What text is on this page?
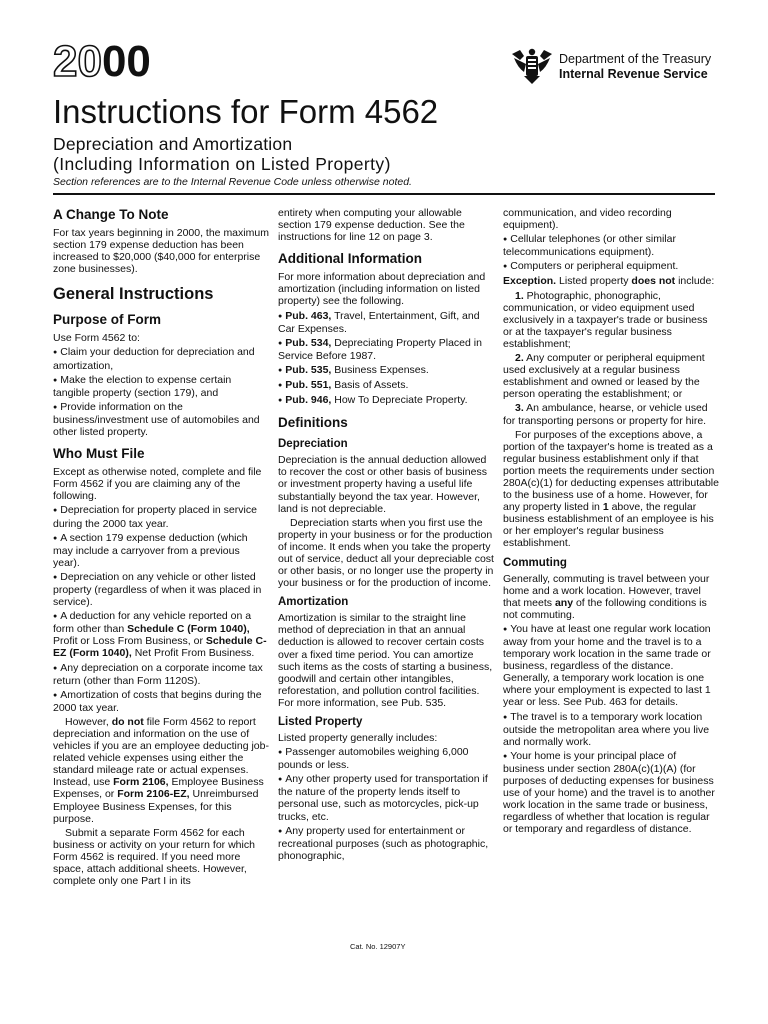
2000	Department of the Treasury
Internal Revenue Service
Instructions for Form 4562
Depreciation and Amortization
(Including Information on Listed Property)
Section references are to the Internal Revenue Code unless otherwise noted.
A Change To Note

For tax years beginning in 2000, the maximum section 179 expense deduction has been increased to $20,000 ($40,000 for enterprise zone businesses).

General Instructions
Purpose of Form

Use Form 4562 to:

● Claim your deduction for depreciation and amortization,

● Make the election to expense certain tangible property (section 179), and

● Provide information on the business/investment use of automobiles and other listed property.

Who Must File

Except as otherwise noted, complete and file Form 4562 if you are claiming any of the following.

● Depreciation for property placed in service during the 2000 tax year.

● A section 179 expense deduction (which may include a carryover from a previous year).

● Depreciation on any vehicle or other listed property (regardless of when it was placed in service).

● A deduction for any vehicle reported on a form other than Schedule C (Form 1040), Profit or Loss From Business, or Schedule C-EZ (Form 1040), Net Profit From Business.

● Any depreciation on a corporate income tax return (other than Form 1120S).

● Amortization of costs that begins during the 2000 tax year.

However, do not file Form 4562 to report depreciation and information on the use of vehicles if you are an employee deducting job-related vehicle expenses using either the standard mileage rate or actual expenses. Instead, use Form 2106, Employee Business Expenses, or Form 2106-EZ, Unreimbursed Employee Business Expenses, for this purpose.

Submit a separate Form 4562 for each business or activity on your return for which Form 4562 is required. If you need more space, attach additional sheets. However, complete only one Part I in its

entirety when computing your allowable section 179 expense deduction. See the instructions for line 12 on page 3.

Additional Information

For more information about depreciation and amortization (including information on listed property) see the following.

● Pub. 463, Travel, Entertainment, Gift, and Car Expenses.

● Pub. 534, Depreciating Property Placed in Service Before 1987.

● Pub. 535, Business Expenses.

● Pub. 551, Basis of Assets.

● Pub. 946, How To Depreciate Property.

Definitions
Depreciation

Depreciation is the annual deduction allowed to recover the cost or other basis of business or investment property having a useful life substantially beyond the tax year. However, land is not depreciable.

Depreciation starts when you first use the property in your business or for the production of income. It ends when you take the property out of service, deduct all your depreciable cost or other basis, or no longer use the property in your business or for the production of income.

Amortization

Amortization is similar to the straight line method of depreciation in that an annual deduction is allowed to recover certain costs over a fixed time period. You can amortize such items as the costs of starting a business, goodwill and certain other intangibles, reforestation, and pollution control facilities. For more information, see Pub. 535.

Listed Property

Listed property generally includes:

● Passenger automobiles weighing 6,000 pounds or less.

● Any other property used for transportation if the nature of the property lends itself to personal use, such as motorcycles, pick-up trucks, etc.

● Any property used for entertainment or recreational purposes (such as photographic, phonographic,

communication, and video recording equipment).

● Cellular telephones (or other similar telecommunications equipment).

● Computers or peripheral equipment.

Exception. Listed property does not include:

1. Photographic, phonographic, communication, or video equipment used exclusively in a taxpayer's trade or business or at the taxpayer's regular business establishment;

2. Any computer or peripheral equipment used exclusively at a regular business establishment and owned or leased by the person operating the establishment; or

3. An ambulance, hearse, or vehicle used for transporting persons or property for hire.

For purposes of the exceptions above, a portion of the taxpayer's home is treated as a regular business establishment only if that portion meets the requirements under section 280A(c)(1) for deducting expenses attributable to the business use of a home. However, for any property listed in 1 above, the regular business establishment of an employee is his or her employer's regular business establishment.

Commuting

Generally, commuting is travel between your home and a work location. However, travel that meets any of the following conditions is not commuting.

● You have at least one regular work location away from your home and the travel is to a temporary work location in the same trade or business, regardless of the distance. Generally, a temporary work location is one where your employment is expected to last 1 year or less. See Pub. 463 for details.

● The travel is to a temporary work location outside the metropolitan area where you live and normally work.

● Your home is your principal place of business under section 280A(c)(1)(A) (for purposes of deducting expenses for business use of your home) and the travel is to another work location in the same trade or business, regardless of whether that location is regular or temporary and regardless of distance.

Cat. No. 12907Y
